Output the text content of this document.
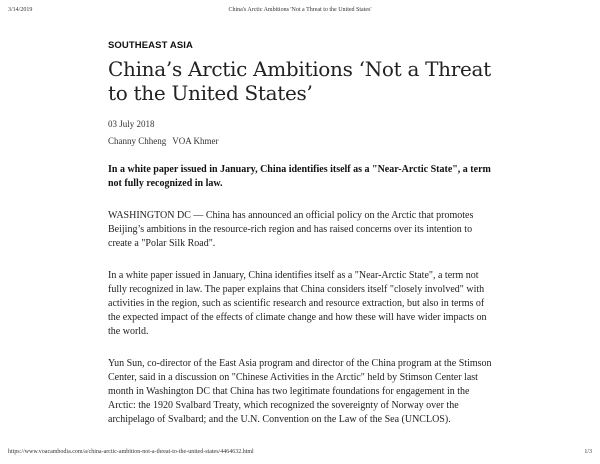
3/14/2019	China's Arctic Ambitions 'Not a Threat to the United States'

SOUTHEAST ASIA

China’s Arctic Ambitions ‘Not a Threat to the United States’

03 July 2018

Channy Chheng VOA Khmer

In a white paper issued in January, China identifies itself as a "Near-Arctic State", a term not fully recognized in law.

WASHINGTON DC — China has announced an official policy on the Arctic that promotes Beijing’s ambitions in the resource-rich region and has raised concerns over its intention to create a "Polar Silk Road".

In a white paper issued in January, China identifies itself as a "Near-Arctic State", a term not fully recognized in law. The paper explains that China considers itself "closely involved" with activities in the region, such as scientific research and resource extraction, but also in terms of the expected impact of the effects of climate change and how these will have wider impacts on the world.

Yun Sun, co-director of the East Asia program and director of the China program at the Stimson Center, said in a discussion on "Chinese Activities in the Arctic" held by Stimson Center last month in Washington DC that China has two legitimate foundations for engagement in the Arctic: the 1920 Svalbard Treaty, which recognized the sovereignty of Norway over the archipelago of Svalbard; and the U.N. Convention on the Law of the Sea (UNCLOS).

https://www.voacambodia.com/a/china-arctic-ambition-not-a-threat-to-the-united-states/4464632.html	1/3
